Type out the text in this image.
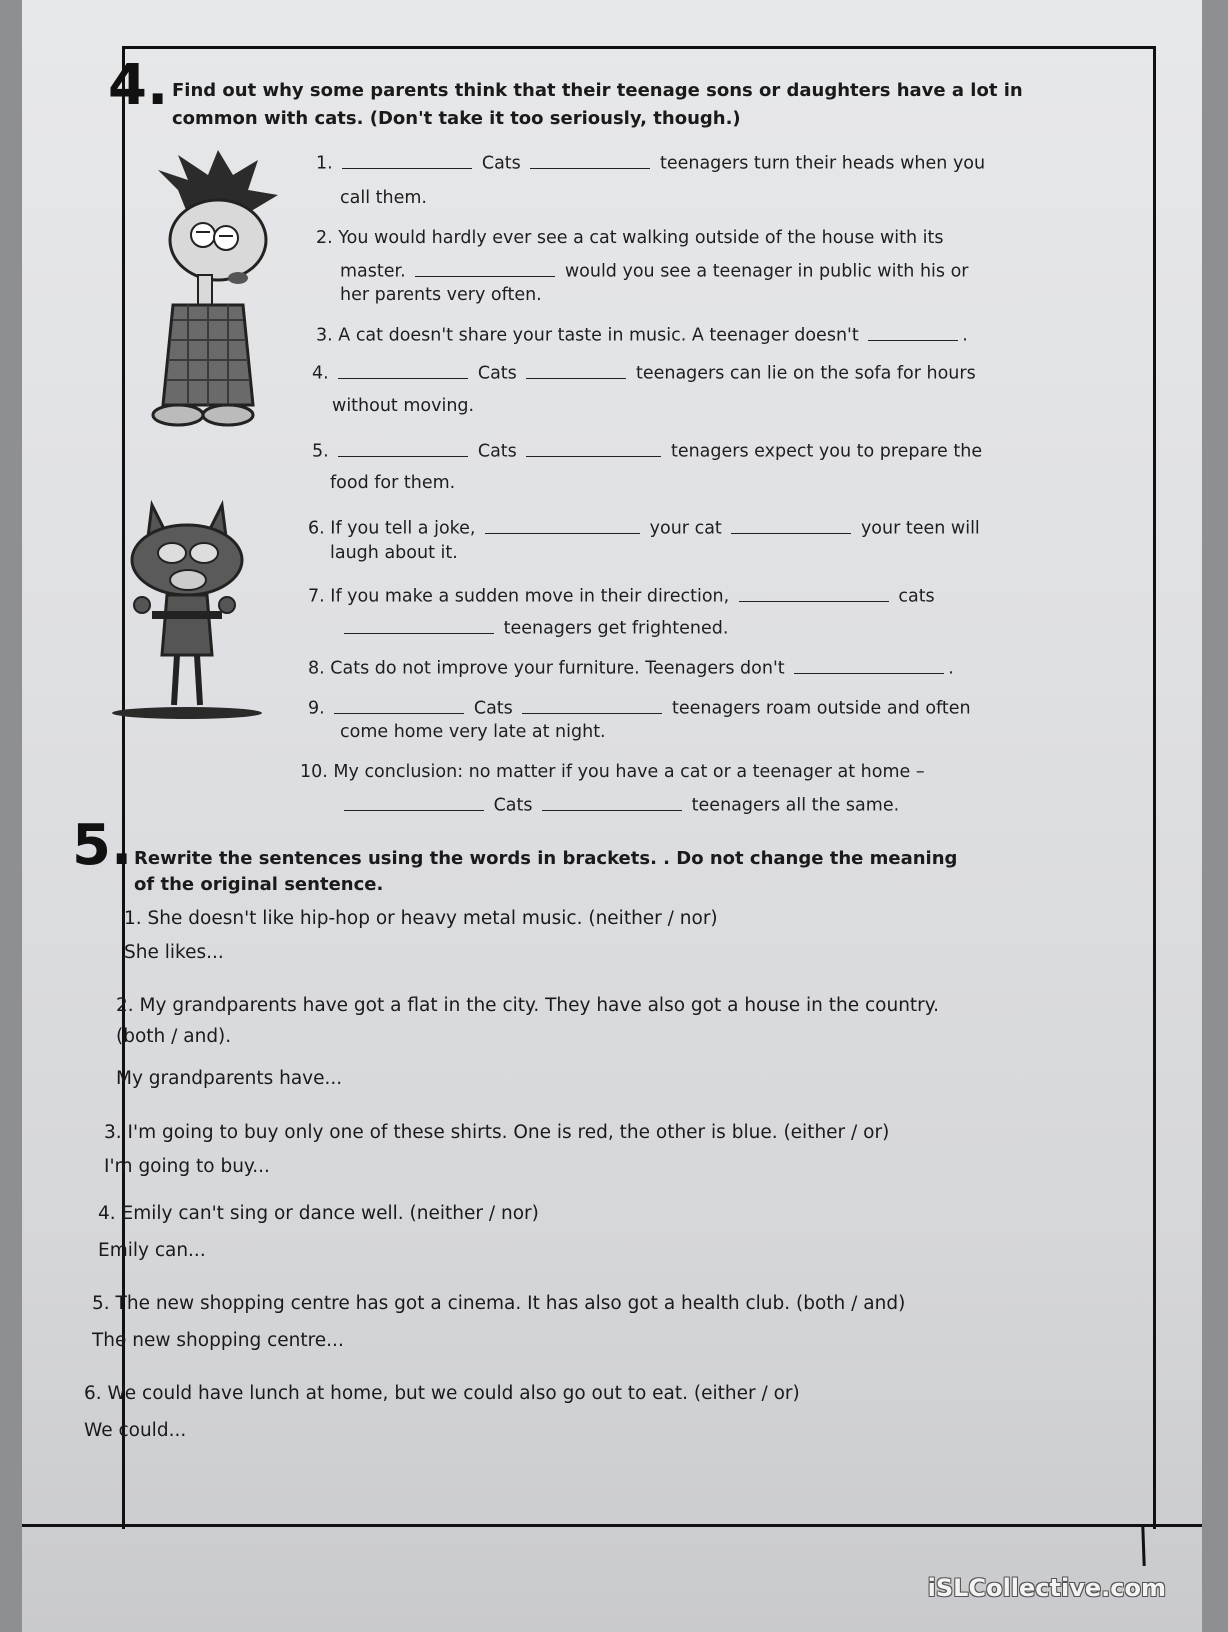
4. Find out why some parents think that their teenage sons or daughters have a lot in
common with cats. (Don't take it too seriously, though.)
1.	Cats	teenagers turn their heads when you
call them.
2. You would hardly ever see a cat walking outside of the house with its
master.	would you see a teenager in public with his or
her parents very often.
3. A cat doesn't share your taste in music. A teenager doesn't	.
4.	Cats	teenagers can lie on the sofa for hours
without moving.
5.	Cats	tenagers expect you to prepare the
food for them.
6. If you tell a joke,	your cat	your teen will
laugh about it.
7. If you make a sudden move in their direction,	cats
teenagers get frightened.
8. Cats do not improve your furniture. Teenagers don't	.
9.	Cats	teenagers roam outside and often
come home very late at night.
10. My conclusion: no matter if you have a cat or a teenager at home –
Cats	teenagers all the same.
5. Rewrite the sentences using the words in brackets. . Do not change the meaning
of the original sentence.
1. She doesn't like hip-hop or heavy metal music. (neither / nor)
She likes...
2. My grandparents have got a flat in the city. They have also got a house in the country.
(both / and).
My grandparents have...
3. I'm going to buy only one of these shirts. One is red, the other is blue. (either / or)
I'm going to buy...
4. Emily can't sing or dance well. (neither / nor)
Emily can...
5. The new shopping centre has got a cinema. It has also got a health club. (both / and)
The new shopping centre...
6. We could have lunch at home, but we could also go out to eat. (either / or)
We could...
iSLCollective.com
